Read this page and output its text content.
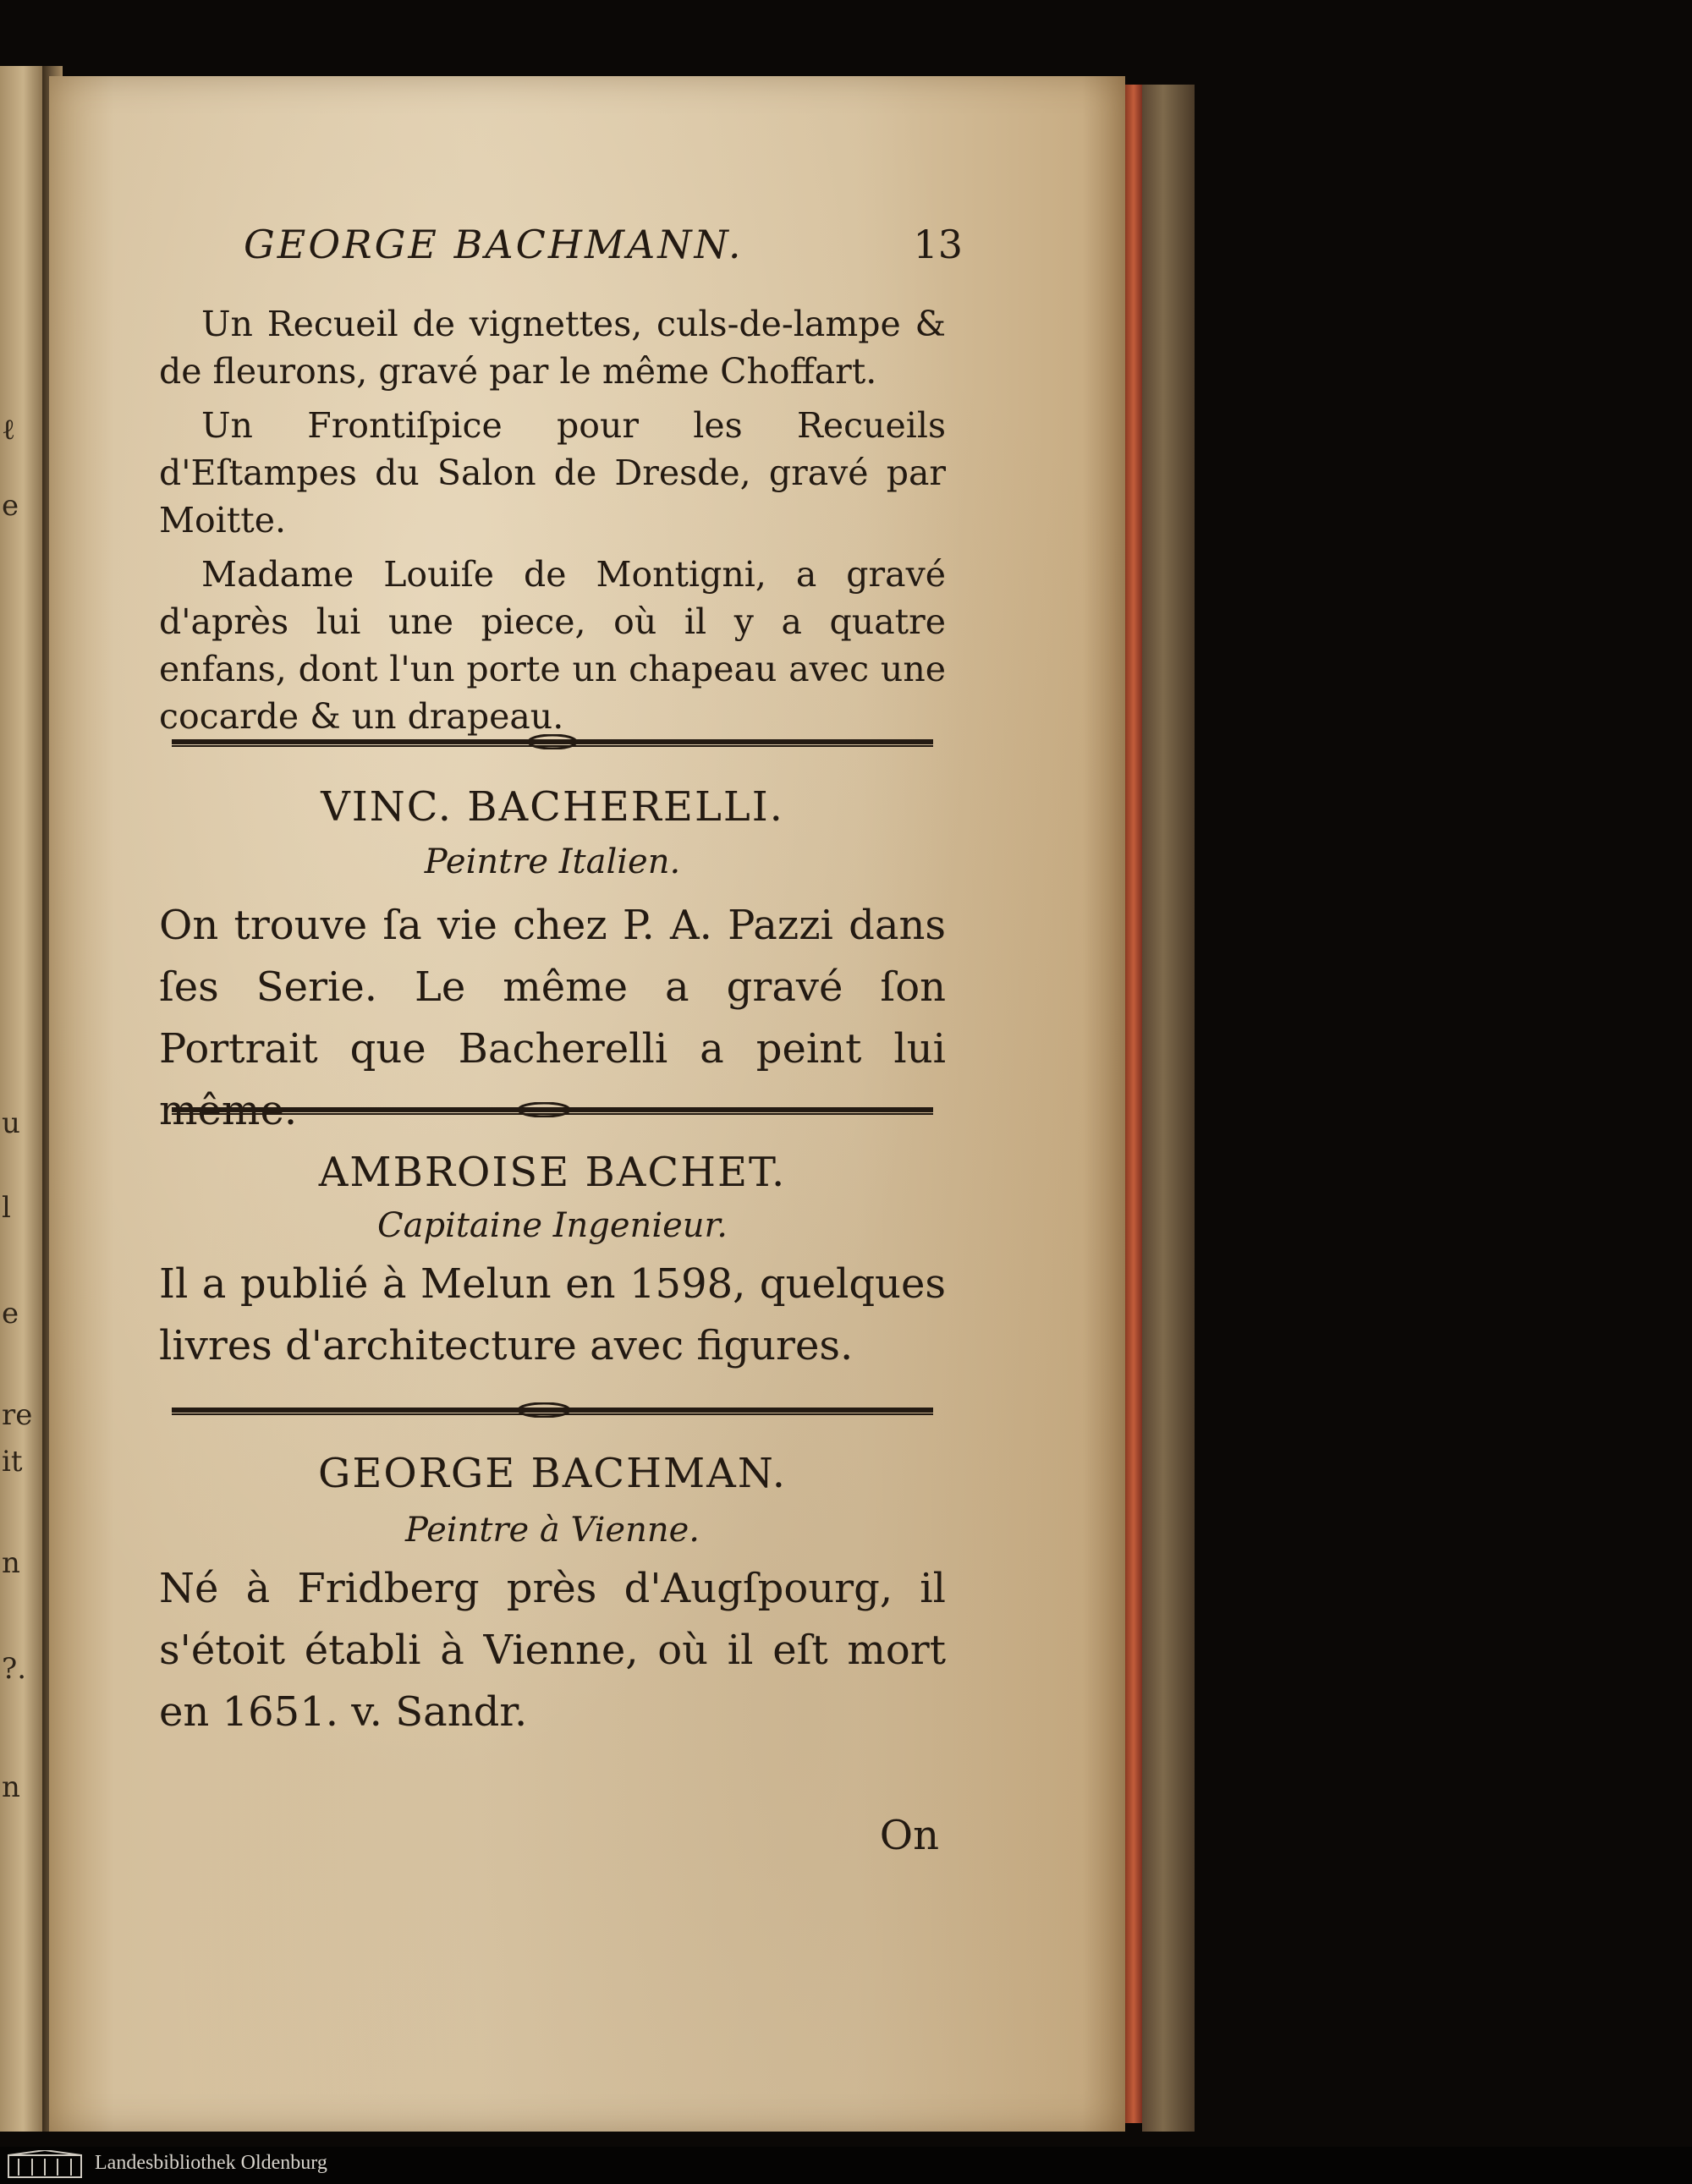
ℓ
e
u
l
e
re
it
n
?.
n
GEORGE BACHMANN.	13

Un Recueil de vignettes, culs-de-lampe & de fleurons, gravé par le même Choffart.

Un Frontiſpice pour les Recueils d'Eſtampes du Salon de Dresde, gravé par Moitte.

Madame Louiſe de Montigni, a gravé d'après lui une piece, où il y a quatre enfans, dont l'un porte un chapeau avec une cocarde & un drapeau.

VINC. BACHERELLI.
Peintre Italien.
On trouve ſa vie chez P. A. Pazzi dans ſes Serie. Le même a gravé ſon Portrait que Bacherelli a peint lui même.
AMBROISE BACHET.
Capitaine Ingenieur.
Il a publié à Melun en 1598, quelques livres d'architecture avec figures.
GEORGE BACHMAN.
Peintre à Vienne.
Né à Fridberg près d'Augſpourg, il s'étoit établi à Vienne, où il eſt mort en 1651. v. Sandr.
On
Landesbibliothek Oldenburg
